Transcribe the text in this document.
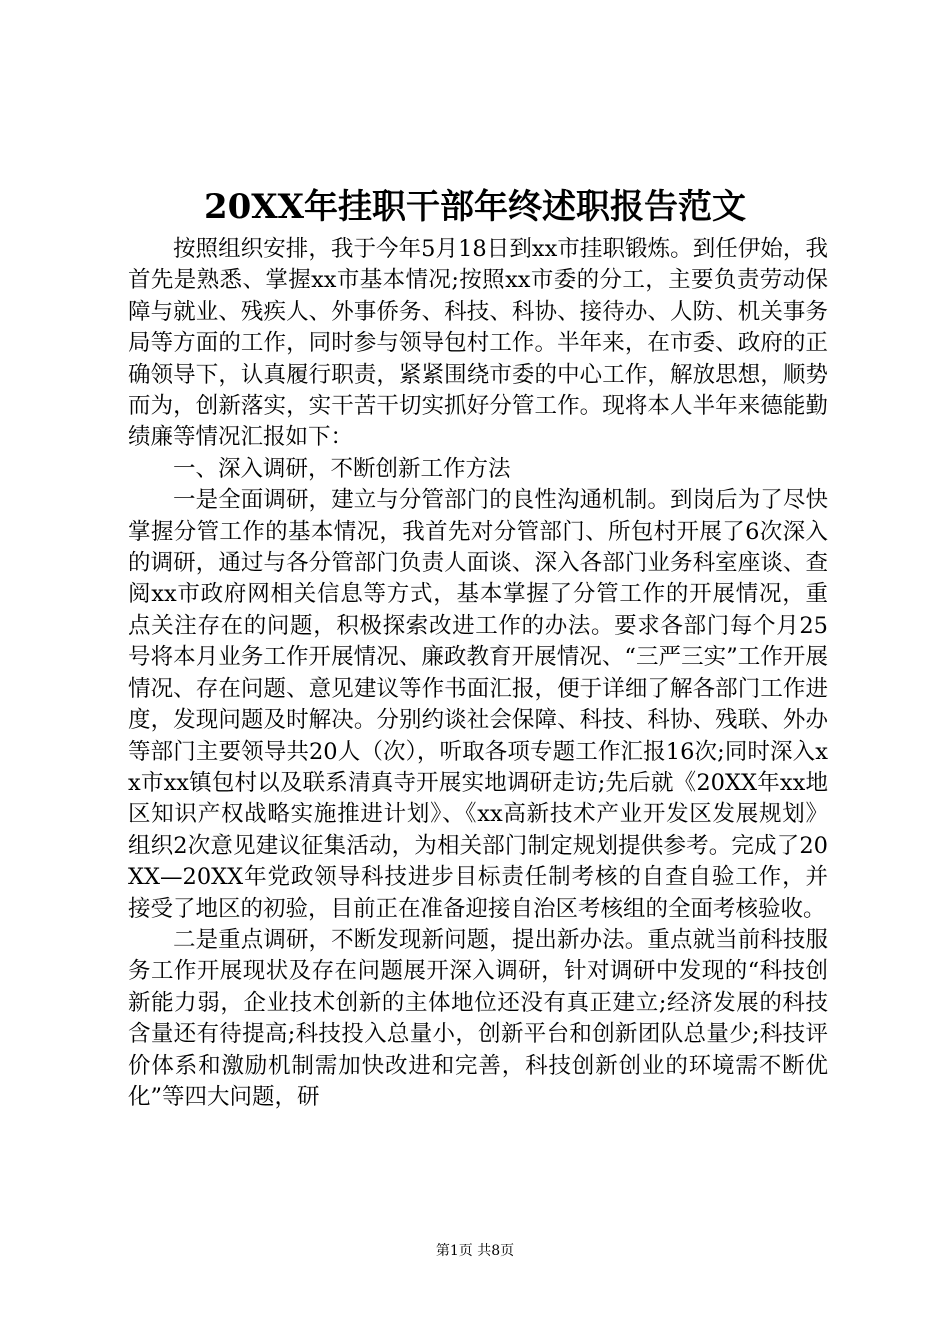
20XX年挂职干部年终述职报告范文

按照组织安排，我于今年5月18日到xx市挂职锻炼。到任伊始，我首先是熟悉、掌握xx市基本情况;按照xx市委的分工，主要负责劳动保障与就业、残疾人、外事侨务、科技、科协、接待办、人防、机关事务局等方面的工作，同时参与领导包村工作。半年来，在市委、政府的正确领导下，认真履行职责，紧紧围绕市委的中心工作，解放思想，顺势而为，创新落实，实干苦干切实抓好分管工作。现将本人半年来德能勤绩廉等情况汇报如下：

一、深入调研，不断创新工作方法

一是全面调研，建立与分管部门的良性沟通机制。到岗后为了尽快掌握分管工作的基本情况，我首先对分管部门、所包村开展了6次深入的调研，通过与各分管部门负责人面谈、深入各部门业务科室座谈、查阅xx市政府网相关信息等方式，基本掌握了分管工作的开展情况，重点关注存在的问题，积极探索改进工作的办法。要求各部门每个月25号将本月业务工作开展情况、廉政教育开展情况、“三严三实”工作开展情况、存在问题、意见建议等作书面汇报，便于详细了解各部门工作进度，发现问题及时解决。分别约谈社会保障、科技、科协、残联、外办等部门主要领导共20人（次），听取各项专题工作汇报16次;同时深入xx市xx镇包村以及联系清真寺开展实地调研走访;先后就《20XX年xx地区知识产权战略实施推进计划》、《xx高新技术产业开发区发展规划》组织2次意见建议征集活动，为相关部门制定规划提供参考。完成了20XX—20XX年党政领导科技进步目标责任制考核的自查自验工作，并接受了地区的初验，目前正在准备迎接自治区考核组的全面考核验收。

二是重点调研，不断发现新问题，提出新办法。重点就当前科技服务工作开展现状及存在问题展开深入调研，针对调研中发现的“科技创新能力弱，企业技术创新的主体地位还没有真正建立;经济发展的科技含量还有待提高;科技投入总量小，创新平台和创新团队总量少;科技评价体系和激励机制需加快改进和完善，科技创新创业的环境需不断优化”等四大问题，研

第1页 共8页
